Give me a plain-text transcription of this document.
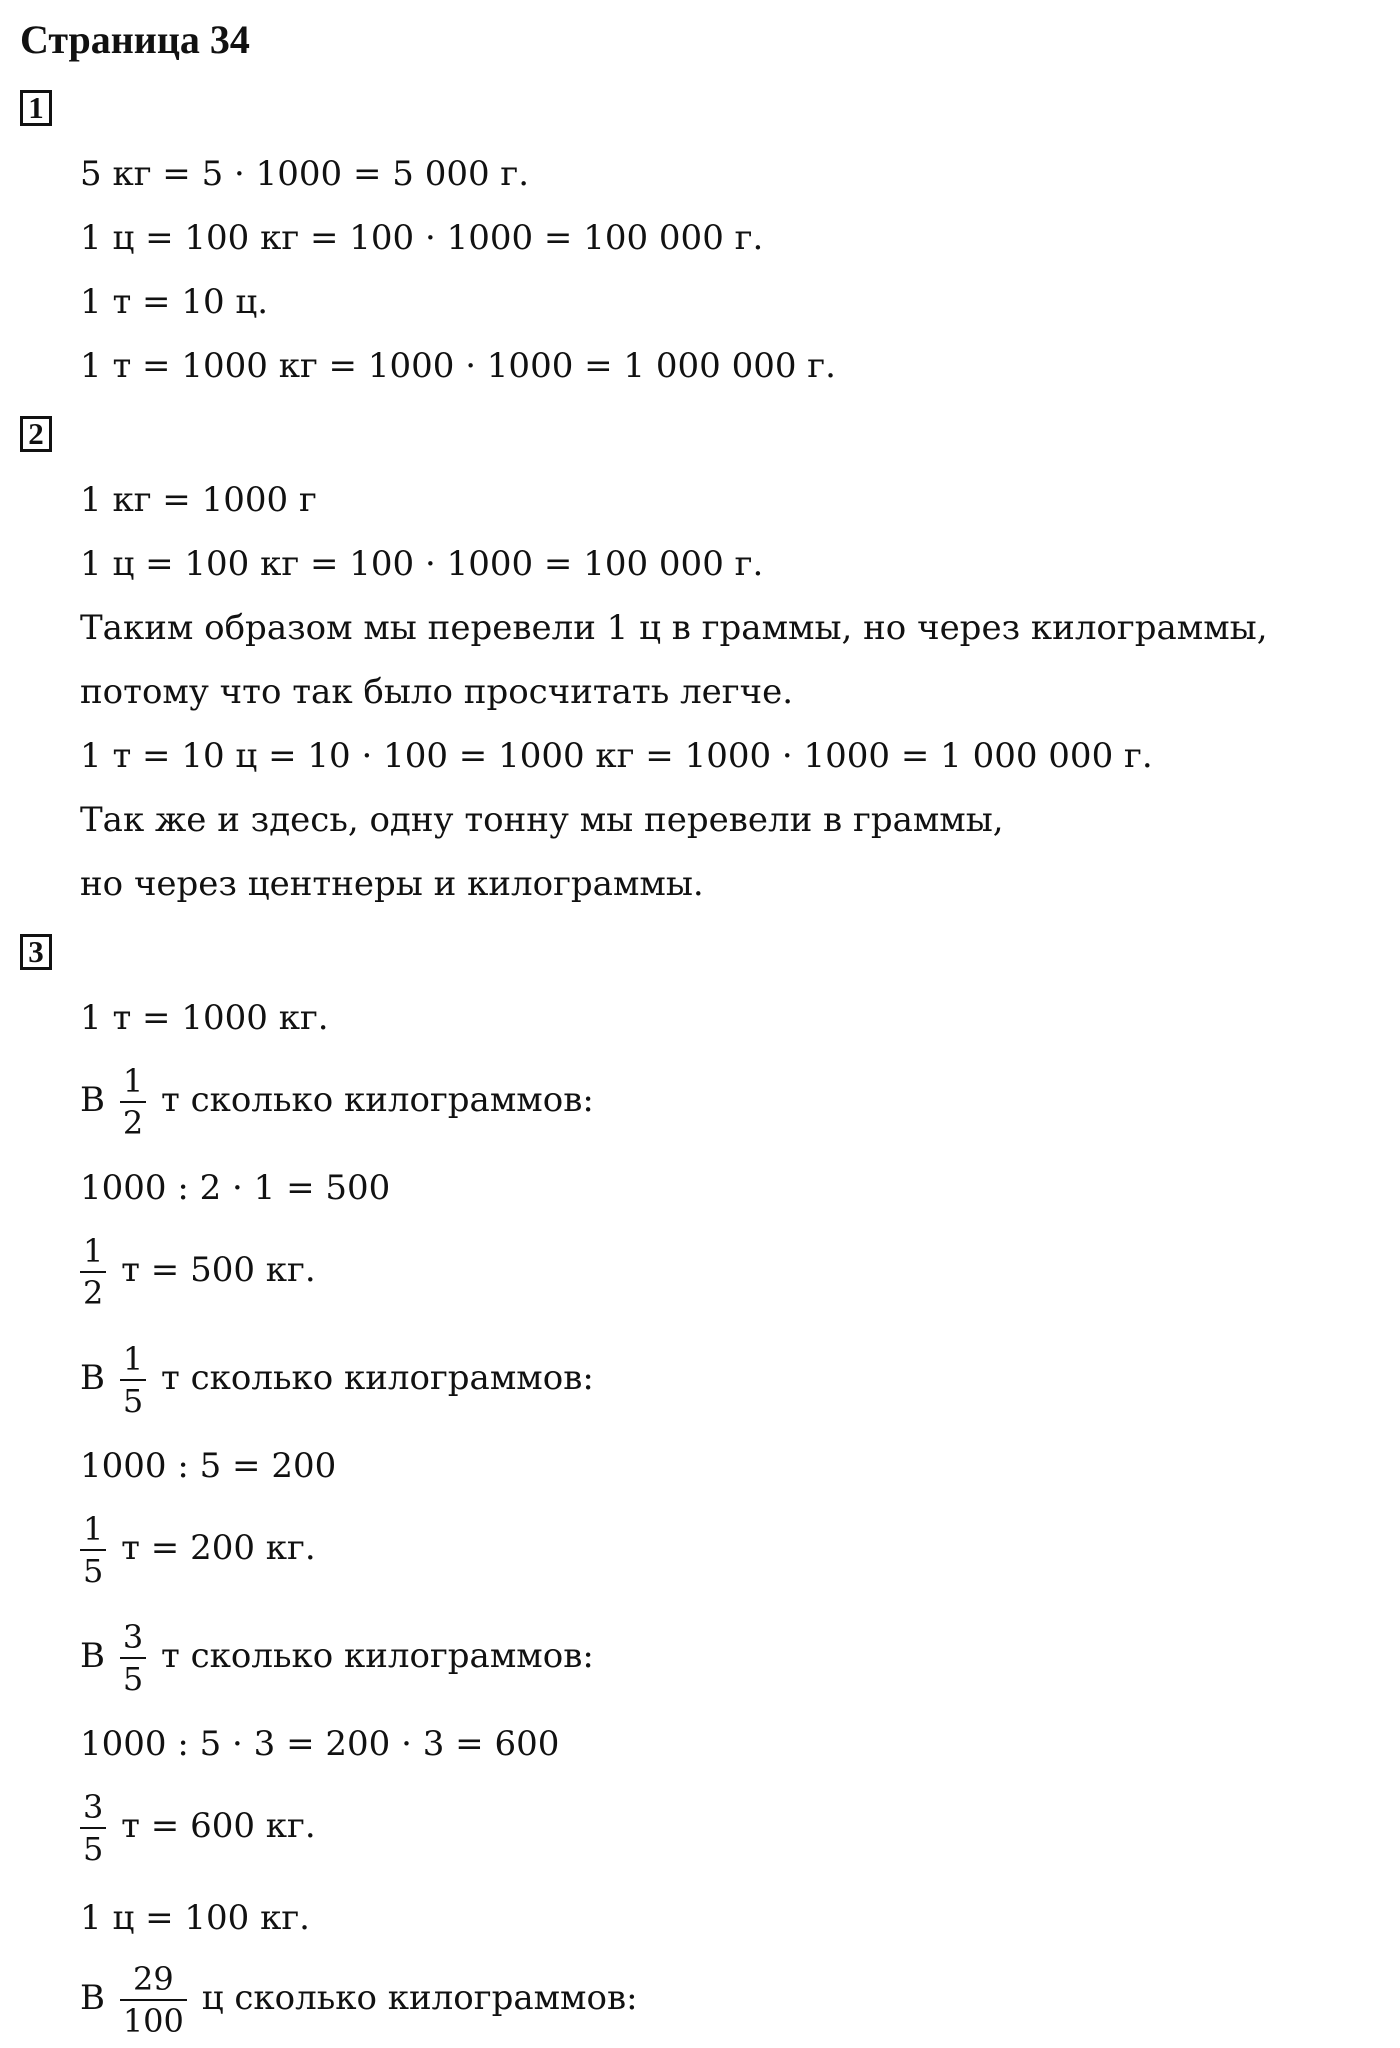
Страница 34
1
5 кг = 5 · 1000 = 5 000 г.
1 ц = 100 кг = 100 · 1000 = 100 000 г.
1 т = 10 ц.
1 т = 1000 кг = 1000 · 1000 = 1 000 000 г.
2
1 кг = 1000 г
1 ц = 100 кг = 100 · 1000 = 100 000 г.
Таким образом мы перевели 1 ц в граммы, но через килограммы,
потому что так было просчитать легче.
1 т = 10 ц = 10 · 100 = 1000 кг = 1000 · 1000 = 1 000 000 г.
Так же и здесь, одну тонну мы перевели в граммы,
но через центнеры и килограммы.
3
1 т = 1000 кг.
В $\frac{1}{2}$ т сколько килограммов:
1000 : 2 · 1 = 500
$\frac{1}{2}$ т = 500 кг.
В $\frac{1}{5}$ т сколько килограммов:
1000 : 5 = 200
$\frac{1}{5}$ т = 200 кг.
В $\frac{3}{5}$ т сколько килограммов:
1000 : 5 · 3 = 200 · 3 = 600
$\frac{3}{5}$ т = 600 кг.
1 ц = 100 кг.
В $\frac{29}{100}$ ц сколько килограммов:
